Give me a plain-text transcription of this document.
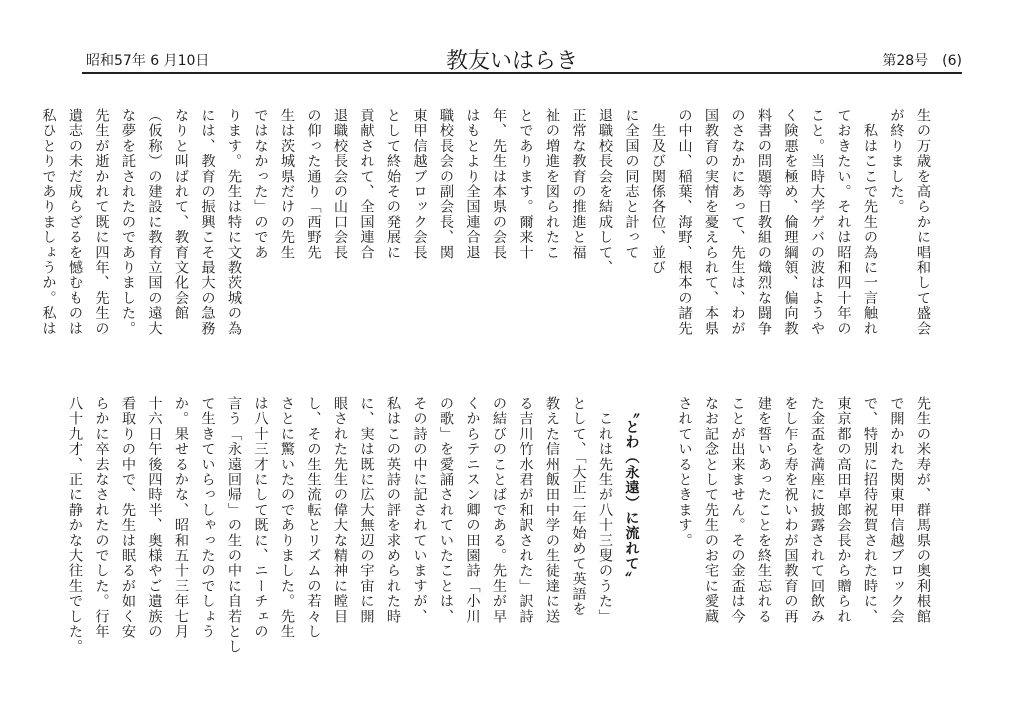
昭和57年 6 月10日	教友いはらき	第28号　(6)
生の万歳を高らかに唱和して盛会
が終りました。
　私はここで先生の為に一言触れ
ておきたい。それは昭和四十年の
こと。当時大学ゲバの波はようや
く険悪を極め、倫理綱領、偏向教
料書の問題等日教組の熾烈な闘争
のさなかにあって、先生は、わが
国教育の実情を憂えられて、本県
の中山、稲葉、海野、根本の諸先
　生及び関係各位、並び
に全国の同志と計って
退職校長会を結成して、
正常な教育の推進と福
祉の増進を図られたこ
とであります。爾来十
年、先生は本県の会長
はもとより全国連合退
職校長会の副会長、関
東甲信越ブロック会長
として終始その発展に
貢献されて、全国連合
退職校長会の山口会長
の仰った通り「西野先
生は茨城県だけの先生
ではなかった」のであ
ります。先生は特に文教茨城の為
には、教育の振興こそ最大の急務
なりと叫ばれて、教育文化会館
（仮称）の建設に教育立国の遠大
な夢を託されたのでありました。
先生が逝かれて既に四年、先生の
遺志の未だ成らざるを憾むものは
私ひとりでありましょうか。私は
先生の米寿が、群馬県の奥利根館
で開かれた関東甲信越ブロック会
で、特別に招待祝賀された時に、
東京都の高田卓郎会長から贈られ
た金盃を満座に披露されて回飲み
をし乍ら寿を祝いわが国教育の再
建を誓いあったことを終生忘れる
ことが出来ません。その金盃は今
なお記念として先生のお宅に愛蔵
されているときます。

　〝とわ（永遠）に流れて〟
　これは先生が八十三叟のうた」
として、「大正二年始めて英語を
教えた信州飯田中学の生徒達に送
る吉川竹水君が和訳された」訳詩
の結びのことばである。先生が早
くからテニスン卿の田園詩「小川
の歌」を愛誦されていたことは、
その詩の中に記されていますが、
私はこの英詩の評を求められた時
に、実は既に広大無辺の宇宙に開
眼された先生の偉大な精神に瞠目
し、その生生流転とリズムの若々し
さとに驚いたのでありました。先生
は八十三才にして既に、ニーチェの
言う「永遠回帰」の生の中に自若とし
て生きていらっしゃったのでしょう
か。果せるかな、昭和五十三年七月
十六日午後四時半、奥様やご遺族の
看取りの中で、先生は眠るが如く安
らかに卒去なされたのでした。行年
八十九才、正に静かな大往生でした。
